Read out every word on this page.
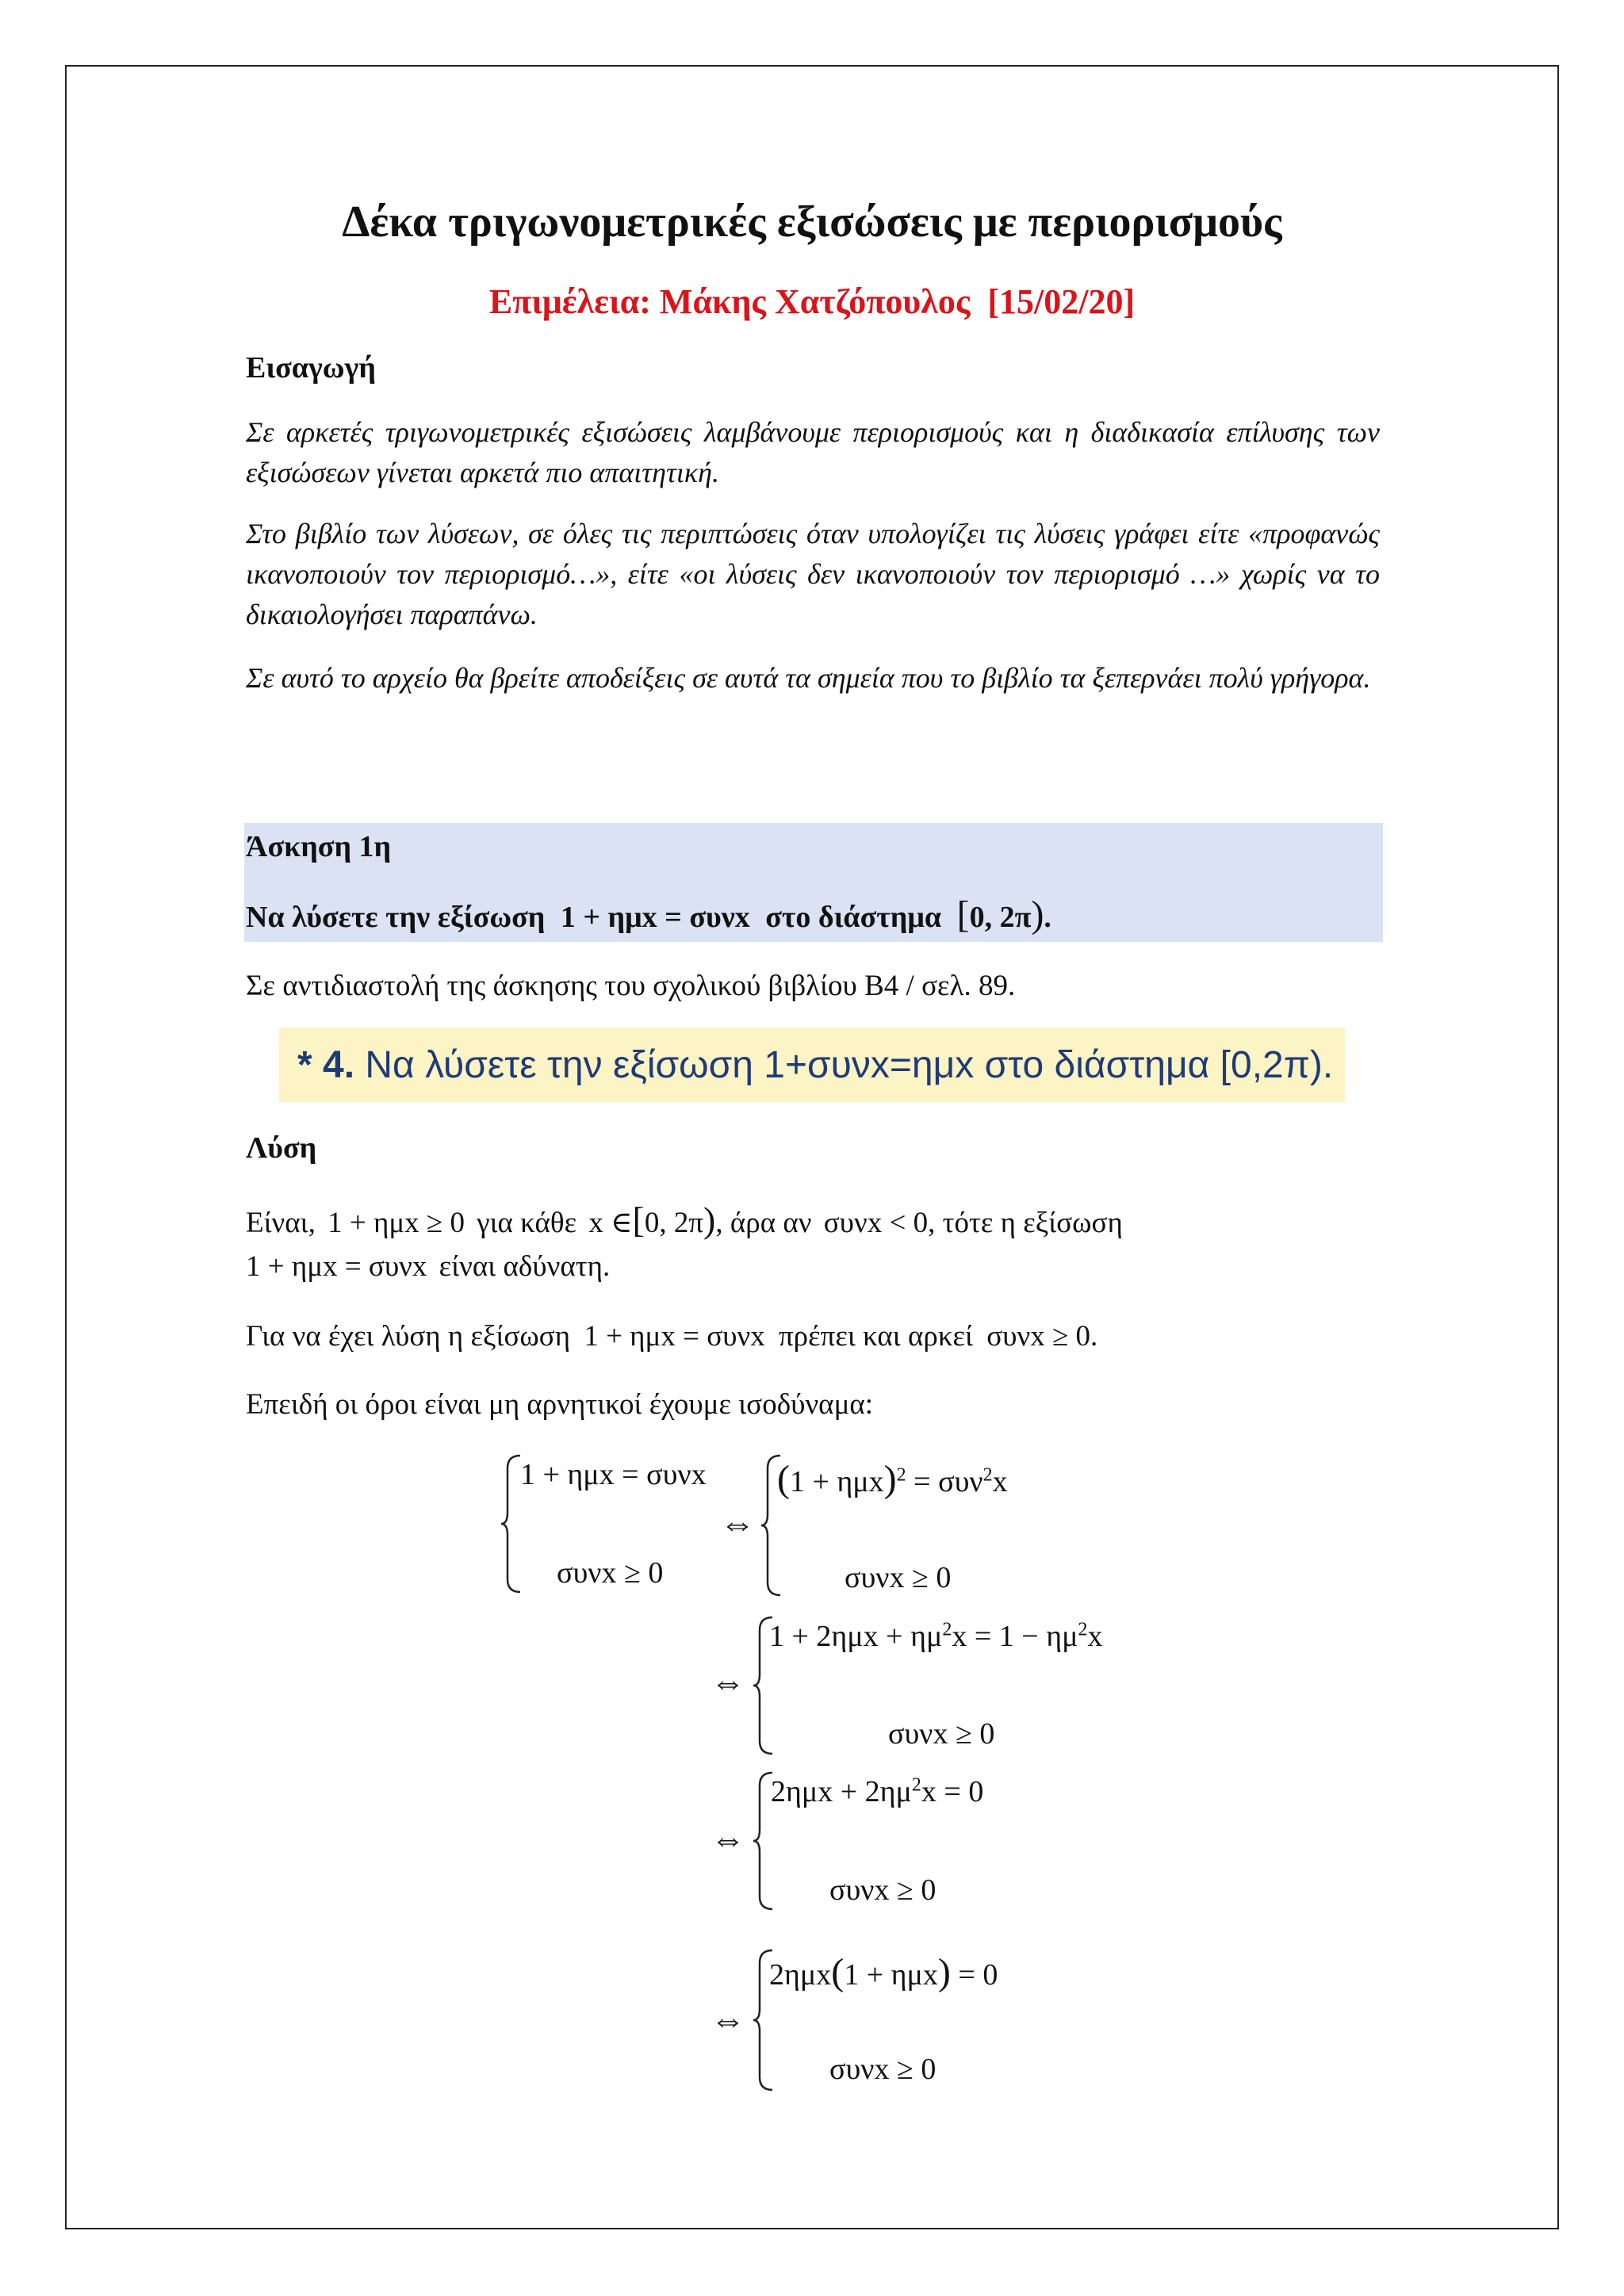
Δέκα τριγωνομετρικές εξισώσεις με περιορισμούς
Επιμέλεια: Μάκης Χατζόπουλος  [15/02/20]
Εισαγωγή
Σε αρκετές τριγωνομετρικές εξισώσεις λαμβάνουμε περιορισμούς και η διαδικασία επίλυσης των εξισώσεων γίνεται αρκετά πιο απαιτητική.
Στο βιβλίο των λύσεων, σε όλες τις περιπτώσεις όταν υπολογίζει τις λύσεις γράφει είτε «προφανώς ικανοποιούν τον περιορισμό…», είτε «οι λύσεις δεν ικανοποιούν τον περιορισμό …» χωρίς να το δικαιολογήσει παραπάνω.
Σε αυτό το αρχείο θα βρείτε αποδείξεις σε αυτά τα σημεία που το βιβλίο τα ξεπερνάει πολύ γρήγορα.
Άσκηση 1η
Να λύσετε την εξίσωση 1 + ημx = συνx στο διάστημα [0, 2π).
Σε αντιδιαστολή της άσκησης του σχολικού βιβλίου Β4 / σελ. 89.
* 4. Να λύσετε την εξίσωση 1+συνx=ημx στο διάστημα [0,2π).
Λύση
Είναι, 1 + ημx ≥ 0 για κάθε x ∈[0, 2π), άρα αν συνx < 0, τότε η εξίσωση
1 + ημx = συνx είναι αδύνατη.
Για να έχει λύση η εξίσωση 1 + ημx = συνx πρέπει και αρκεί συνx ≥ 0.
Επειδή οι όροι είναι μη αρνητικοί έχουμε ισοδύναμα:
1 + ημx = συνx
συνx ≥ 0
⇔
$(1 + \eta\mu x)^2 = \sigma\upsilon\nu^2x$
συνx ≥ 0
⇔
$1 + 2\eta\mu x + \eta\mu^2x = 1 - \eta\mu^2x$
συνx ≥ 0
⇔
$2\eta\mu x + 2\eta\mu^2x = 0$
συνx ≥ 0
⇔
2ημx(1 + ημx) = 0
συνx ≥ 0
